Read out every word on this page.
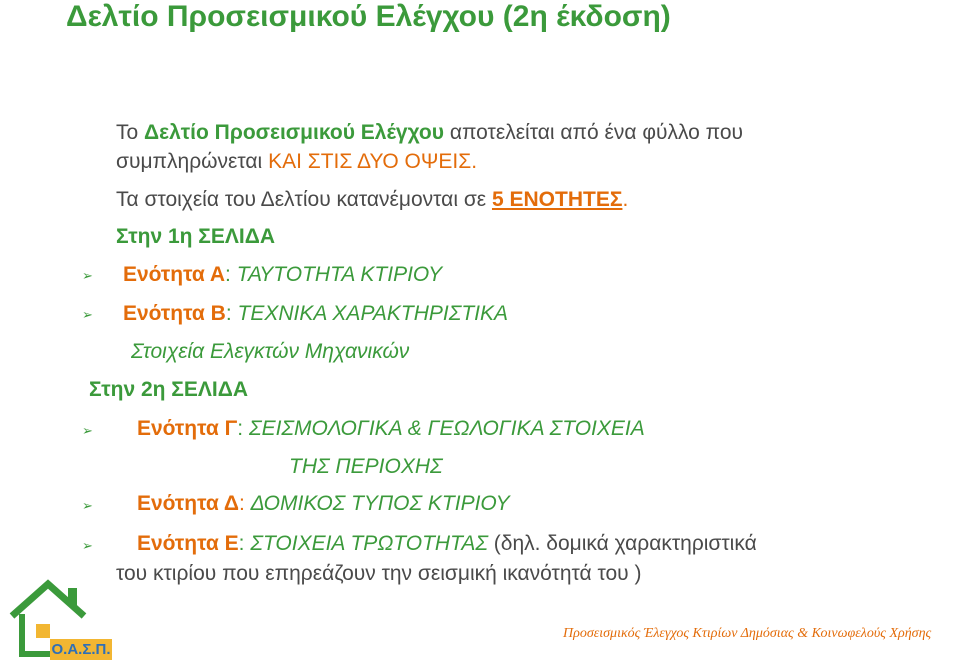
Δελτίο Προσεισμικού Ελέγχου (2η έκδοση)
Το Δελτίο Προσεισμικού Ελέγχου αποτελείται από ένα φύλλο που
συμπληρώνεται ΚΑΙ ΣΤΙΣ ΔΥΟ ΟΨΕΙΣ.
Τα στοιχεία του Δελτίου κατανέμονται σε 5 ΕΝΟΤΗΤΕΣ.
Στην 1η ΣΕΛΙΔΑ
➢ Ενότητα Α: ΤΑΥΤΟΤΗΤΑ ΚΤΙΡΙΟΥ
➢ Ενότητα Β: ΤΕΧΝΙΚΑ ΧΑΡΑΚΤΗΡΙΣΤΙΚΑ
Στοιχεία Ελεγκτών Μηχανικών
Στην 2η ΣΕΛΙΔΑ
➢ Ενότητα Γ: ΣΕΙΣΜΟΛΟΓΙΚΑ & ΓΕΩΛΟΓΙΚΑ ΣΤΟΙΧΕΙΑ
ΤΗΣ ΠΕΡΙΟΧΗΣ
➢ Ενότητα Δ: ΔΟΜΙΚΟΣ ΤΥΠΟΣ ΚΤΙΡΙΟΥ
➢ Ενότητα Ε: ΣΤΟΙΧΕΙΑ ΤΡΩΤΟΤΗΤΑΣ (δηλ. δομικά χαρακτηριστικά
του κτιρίου που επηρεάζουν την σεισμική ικανότητά του )
Ο.Α.Σ.Π.
Προσεισμικός Έλεγχος Κτιρίων Δημόσιας & Κοινωφελούς Χρήσης
